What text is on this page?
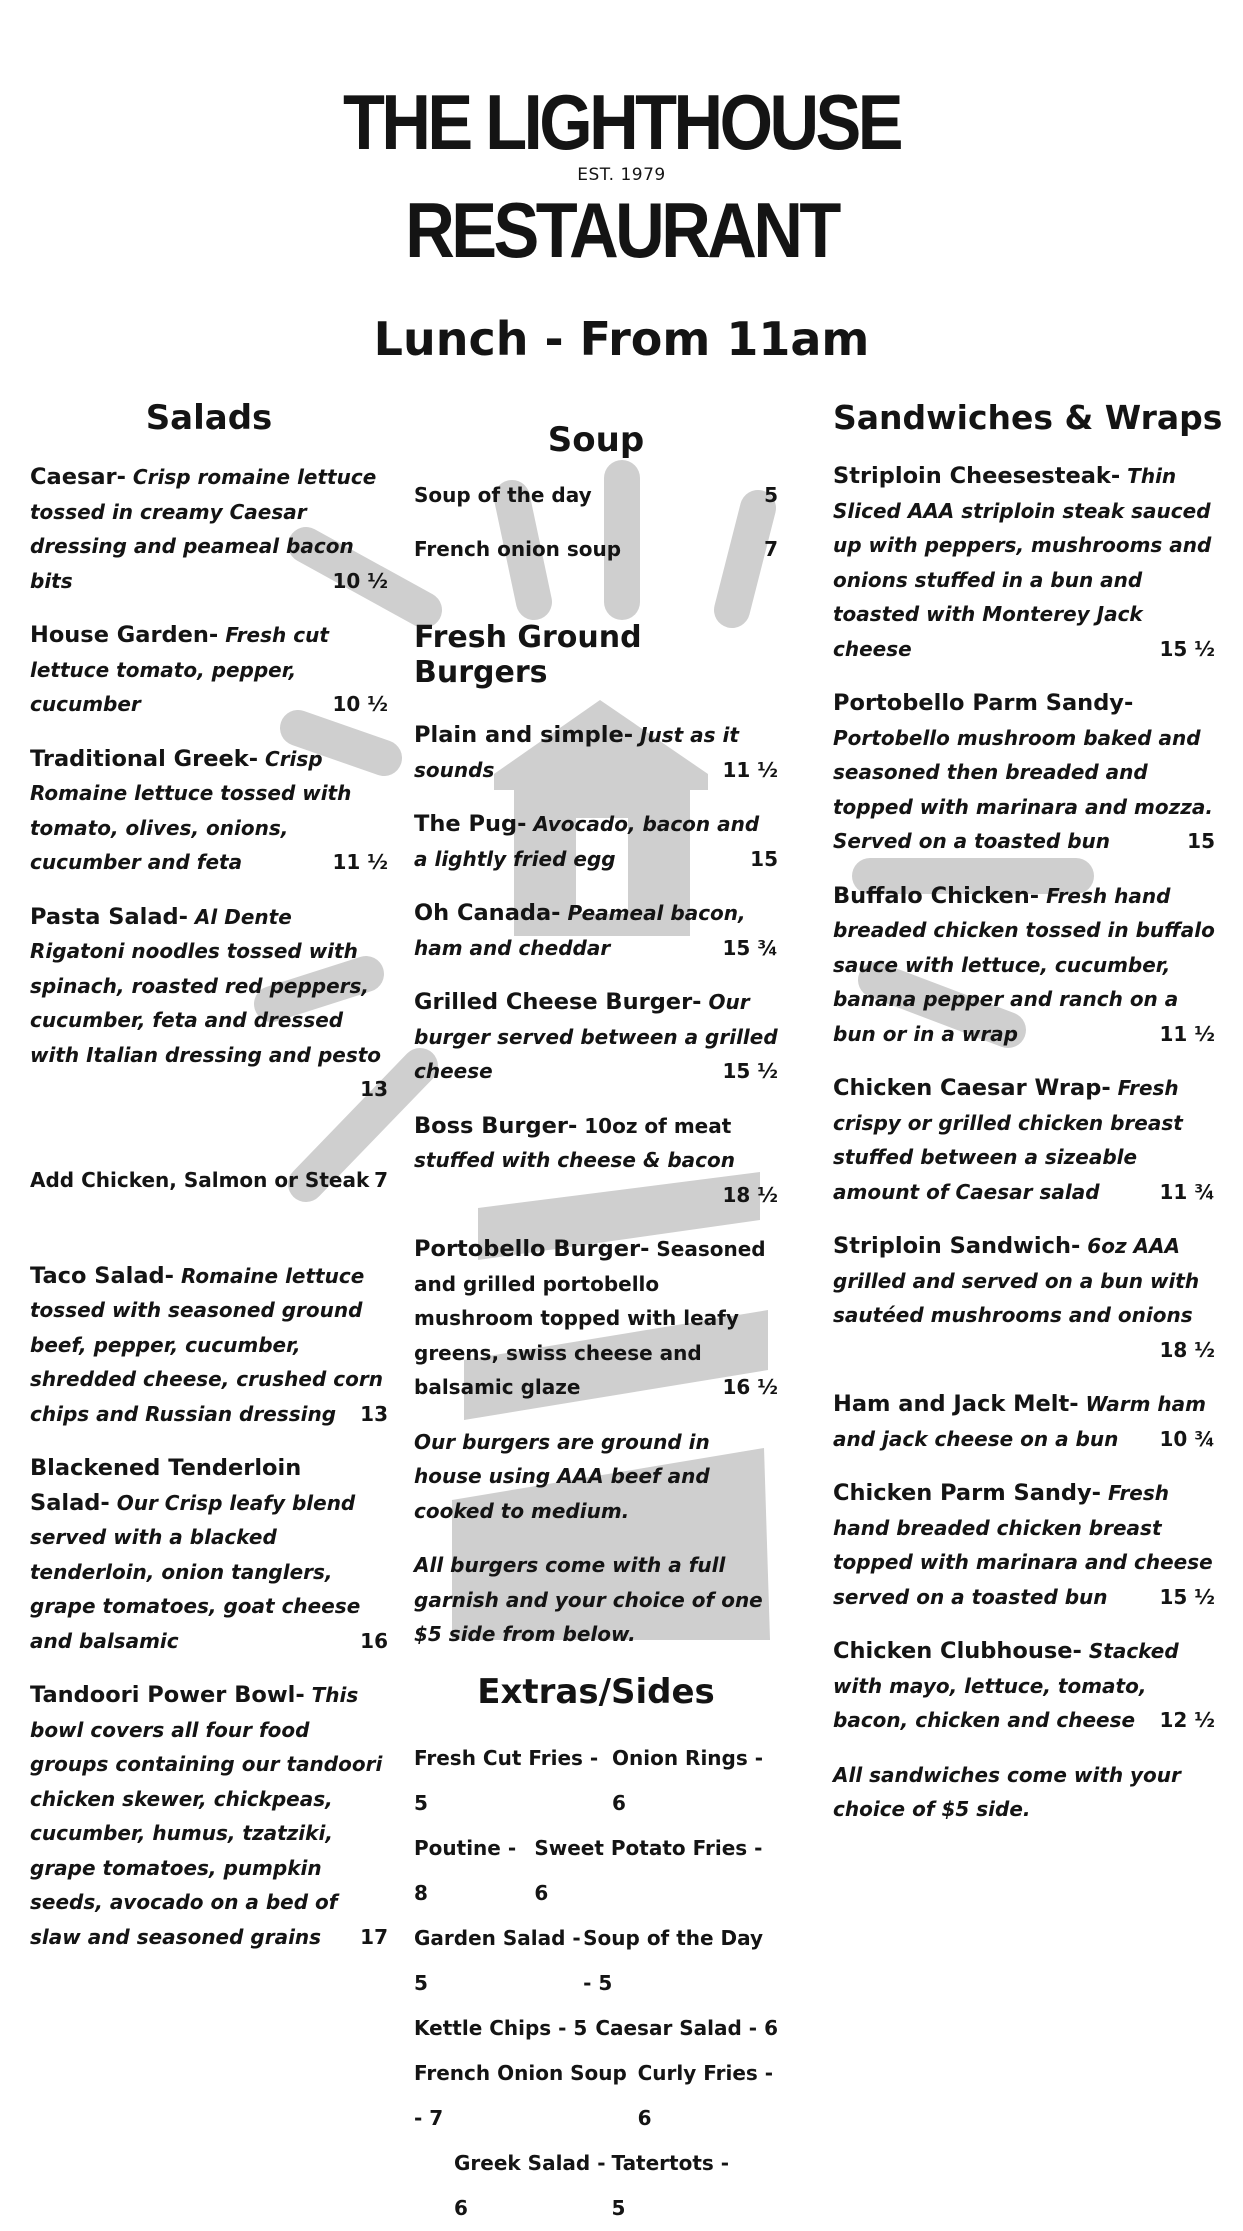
THE LIGHTHOUSE
EST. 1979
RESTAURANT
Lunch - From 11am
Salads
Caesar- Crisp romaine lettuce tossed in creamy Caesar dressing and peameal bacon bits	10 ½
House Garden- Fresh cut lettuce tomato, pepper, cucumber	10 ½
Traditional Greek- Crisp Romaine lettuce tossed with tomato, olives, onions, cucumber and feta	11 ½
Pasta Salad- Al Dente Rigatoni noodles tossed with spinach, roasted red peppers, cucumber, feta and dressed with Italian dressing and pesto
13
Add Chicken, Salmon or Steak 7
Taco Salad- Romaine lettuce tossed with seasoned ground beef, pepper, cucumber, shredded cheese, crushed corn chips and Russian dressing 13
Blackened Tenderloin Salad- Our Crisp leafy blend served with a blacked tenderloin, onion tanglers, grape tomatoes, goat cheese and balsamic	16
Tandoori Power Bowl- This bowl covers all four food groups containing our tandoori chicken skewer, chickpeas, cucumber, humus, tzatziki, grape tomatoes, pumpkin seeds, avocado on a bed of slaw and seasoned grains 17
Soup
Soup of the day	5
French onion soup	7
Fresh Ground Burgers
Plain and simple- Just as it sounds	11 ½
The Pug- Avocado, bacon and a lightly fried egg	15
Oh Canada- Peameal bacon, ham and cheddar	15 ¾
Grilled Cheese Burger- Our burger served between a grilled cheese	15 ½
Boss Burger- 10oz of meat
stuffed with cheese & bacon
18 ½
Portobello Burger- Seasoned and grilled portobello mushroom topped with leafy greens, swiss cheese and balsamic glaze	16 ½
Our burgers are ground in house using AAA beef and cooked to medium.
All burgers come with a full garnish and your choice of one $5 side from below.
Extras/Sides
Fresh Cut Fries - 5
Onion Rings - 6
Poutine - 8
Sweet Potato Fries - 6
Garden Salad - 5
Soup of the Day - 5
Kettle Chips - 5 Caesar Salad - 6
French Onion Soup - 7
Curly Fries - 6
Greek Salad - 6
Tatertots - 5
Sandwiches & Wraps
Striploin Cheesesteak- Thin Sliced AAA striploin steak sauced up with peppers, mushrooms and onions stuffed in a bun and toasted with Monterey Jack cheese	15 ½
Portobello Parm Sandy- Portobello mushroom baked and seasoned then breaded and topped with marinara and mozza. Served on a toasted bun	15
Buffalo Chicken- Fresh hand breaded chicken tossed in buffalo sauce with lettuce, cucumber, banana pepper and ranch on a bun or in a wrap	11 ½
Chicken Caesar Wrap- Fresh crispy or grilled chicken breast stuffed between a sizeable amount of Caesar salad	11 ¾
Striploin Sandwich- 6oz AAA grilled and served on a bun with sautéed mushrooms and onions
18 ½
Ham and Jack Melt- Warm ham and jack cheese on a bun 10 ¾
Chicken Parm Sandy- Fresh hand breaded chicken breast topped with marinara and cheese served on a toasted bun	15 ½
Chicken Clubhouse- Stacked with mayo, lettuce, tomato, bacon, chicken and cheese 12 ½
All sandwiches come with your choice of $5 side.
